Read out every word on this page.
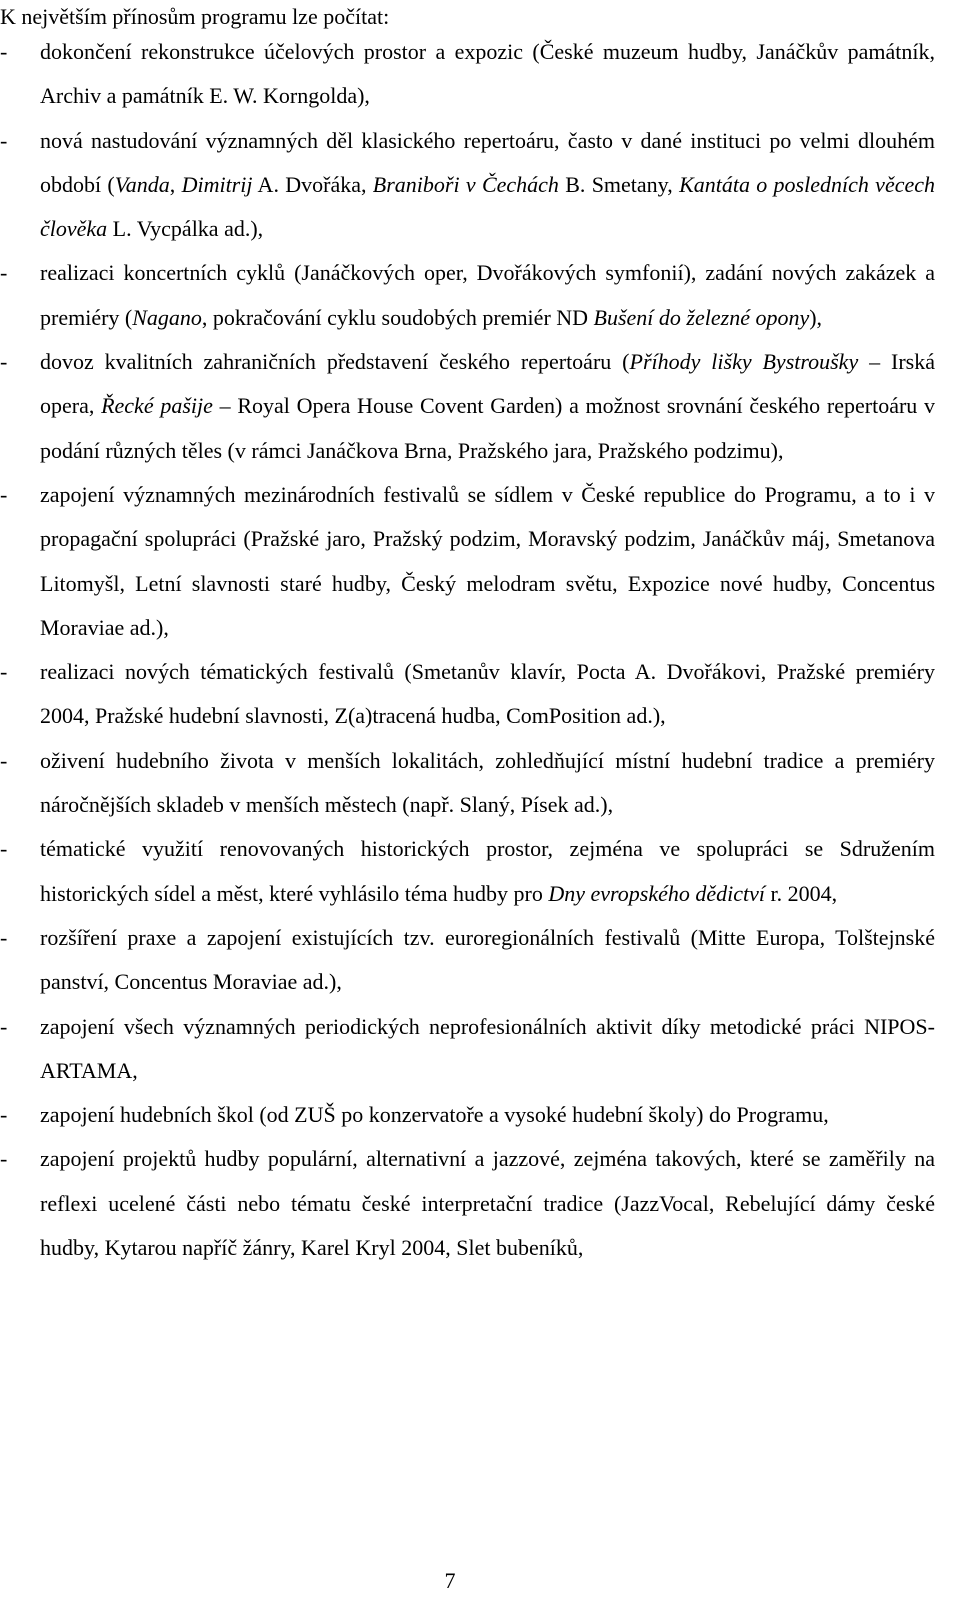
K největším přínosům programu lze počítat:
- dokončení rekonstrukce účelových prostor a expozic (České muzeum hudby, Janáčkův památník, Archiv a památník E. W. Korngolda),
- nová nastudování významných děl klasického repertoáru, často v dané instituci po velmi dlouhém období (Vanda, Dimitrij A. Dvořáka, Braniboři v Čechách B. Smetany, Kantáta o posledních věcech člověka L. Vycpálka ad.),
- realizaci koncertních cyklů (Janáčkových oper, Dvořákových symfonií), zadání nových zakázek a premiéry (Nagano, pokračování cyklu soudobých premiér ND Bušení do železné opony),
- dovoz kvalitních zahraničních představení českého repertoáru (Příhody lišky Bystroušky – Irská opera, Řecké pašije – Royal Opera House Covent Garden) a možnost srovnání českého repertoáru v podání různých těles (v rámci Janáčkova Brna, Pražského jara, Pražského podzimu),
- zapojení významných mezinárodních festivalů se sídlem v České republice do Programu, a to i v propagační spolupráci (Pražské jaro, Pražský podzim, Moravský podzim, Janáčkův máj, Smetanova Litomyšl, Letní slavnosti staré hudby, Český melodram světu, Expozice nové hudby, Concentus Moraviae ad.),
- realizaci nových tématických festivalů (Smetanův klavír, Pocta A. Dvořákovi, Pražské premiéry 2004, Pražské hudební slavnosti, Z(a)tracená hudba, ComPosition ad.),
- oživení hudebního života v menších lokalitách, zohledňující místní hudební tradice a premiéry náročnějších skladeb v menších městech (např. Slaný, Písek ad.),
- tématické využití renovovaných historických prostor, zejména ve spolupráci se Sdružením historických sídel a měst, které vyhlásilo téma hudby pro Dny evropského dědictví r. 2004,
- rozšíření praxe a zapojení existujících tzv. euroregionálních festivalů (Mitte Europa, Tolštejnské panství, Concentus Moraviae ad.),
- zapojení všech významných periodických neprofesionálních aktivit díky metodické práci NIPOS-ARTAMA,
- zapojení hudebních škol (od ZUŠ po konzervatoře a vysoké hudební školy) do Programu,
- zapojení projektů hudby populární, alternativní a jazzové, zejména takových, které se zaměřily na reflexi ucelené části nebo tématu české interpretační tradice (JazzVocal, Rebelující dámy české hudby, Kytarou napříč žánry, Karel Kryl 2004, Slet bubeníků,
7
